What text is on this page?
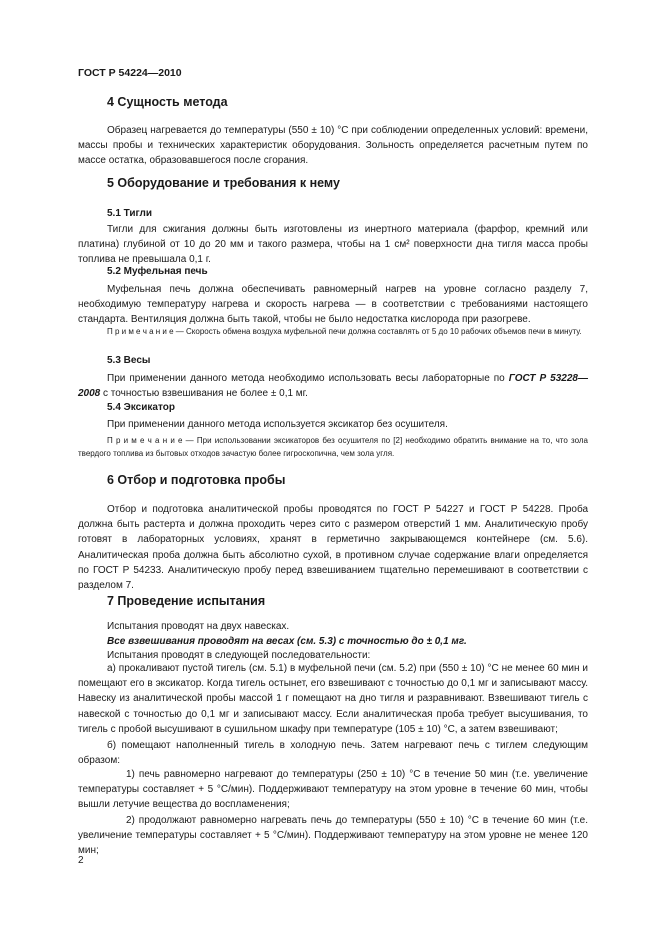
ГОСТ Р 54224—2010
4 Сущность метода

Образец нагревается до температуры (550 ± 10) °С при соблюдении определенных условий: времени, массы пробы и технических характеристик оборудования. Зольность определяется расчетным путем по массе остатка, образовавшегося после сгорания.

5 Оборудование и требования к нему
5.1 Тигли

Тигли для сжигания должны быть изготовлены из инертного материала (фарфор, кремний или платина) глубиной от 10 до 20 мм и такого размера, чтобы на 1 см² поверхности дна тигля масса пробы топлива не превышала 0,1 г.

5.2 Муфельная печь

Муфельная печь должна обеспечивать равномерный нагрев на уровне согласно разделу 7, необходимую температуру нагрева и скорость нагрева — в соответствии с требованиями настоящего стандарта. Вентиляция должна быть такой, чтобы не было недостатка кислорода при разогреве.

П р и м е ч а н и е — Скорость обмена воздуха муфельной печи должна составлять от 5 до 10 рабочих объемов печи в минуту.

5.3 Весы

При применении данного метода необходимо использовать весы лабораторные по ГОСТ Р 53228—2008 с точностью взвешивания не более ± 0,1 мг.

5.4 Эксикатор

При применении данного метода используется эксикатор без осушителя.

П р и м е ч а н и е — При использовании эксикаторов без осушителя по [2] необходимо обратить внимание на то, что зола твердого топлива из бытовых отходов зачастую более гигроскопична, чем зола угля.

6 Отбор и подготовка пробы

Отбор и подготовка аналитической пробы проводятся по ГОСТ Р 54227 и ГОСТ Р 54228. Проба должна быть растерта и должна проходить через сито с размером отверстий 1 мм. Аналитическую пробу готовят в лабораторных условиях, хранят в герметично закрывающемся контейнере (см. 5.6). Аналитическая проба должна быть абсолютно сухой, в противном случае содержание влаги определяется по ГОСТ Р 54233. Аналитическую пробу перед взвешиванием тщательно перемешивают в соответствии с разделом 7.

7 Проведение испытания

Испытания проводят на двух навесках.

Все взвешивания проводят на весах (см. 5.3) с точностью до ± 0,1 мг.

Испытания проводят в следующей последовательности:

а) прокаливают пустой тигель (см. 5.1) в муфельной печи (см. 5.2) при (550 ± 10) °С не менее 60 мин и помещают его в эксикатор. Когда тигель остынет, его взвешивают с точностью до 0,1 мг и записывают массу. Навеску из аналитической пробы массой 1 г помещают на дно тигля и разравнивают. Взвешивают тигель с навеской с точностью до 0,1 мг и записывают массу. Если аналитическая проба требует высушивания, то тигель с пробой высушивают в сушильном шкафу при температуре (105 ± 10) °С, а затем взвешивают;

б) помещают наполненный тигель в холодную печь. Затем нагревают печь с тиглем следующим образом:

1) печь равномерно нагревают до температуры (250 ± 10) °С в течение 50 мин (т.е. увеличение температуры составляет + 5 °С/мин). Поддерживают температуру на этом уровне в течение 60 мин, чтобы вышли летучие вещества до воспламенения;

2) продолжают равномерно нагревать печь до температуры (550 ± 10) °С в течение 60 мин (т.е. увеличение температуры составляет + 5 °С/мин). Поддерживают температуру на этом уровне не менее 120 мин;

2
